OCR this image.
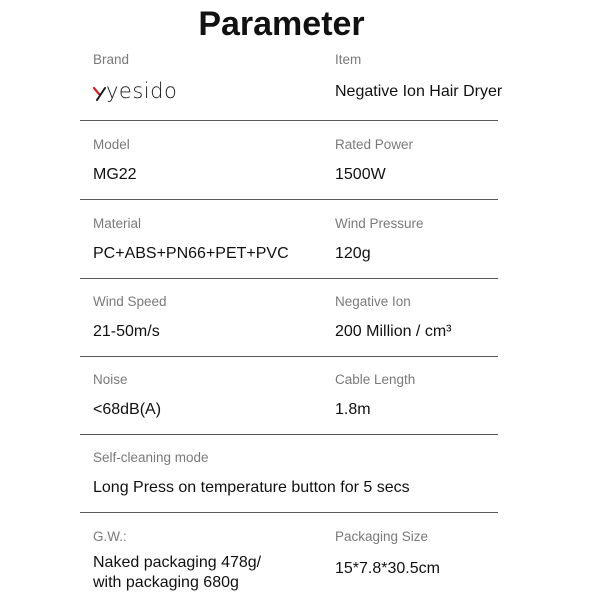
Parameter
Brand
yesido
Item
Negative Ion Hair Dryer
Model
MG22
Rated Power
1500W
Material
PC+ABS+PN66+PET+PVC
Wind Pressure
120g
Wind Speed
21-50m/s
Negative Ion
200 Million / cm³
Noise
<68dB(A)
Cable Length
1.8m
Self-cleaning mode
Long Press on temperature button for 5 secs
G.W.:
Naked packaging 478g/
with packaging 680g
Packaging Size
15*7.8*30.5cm
